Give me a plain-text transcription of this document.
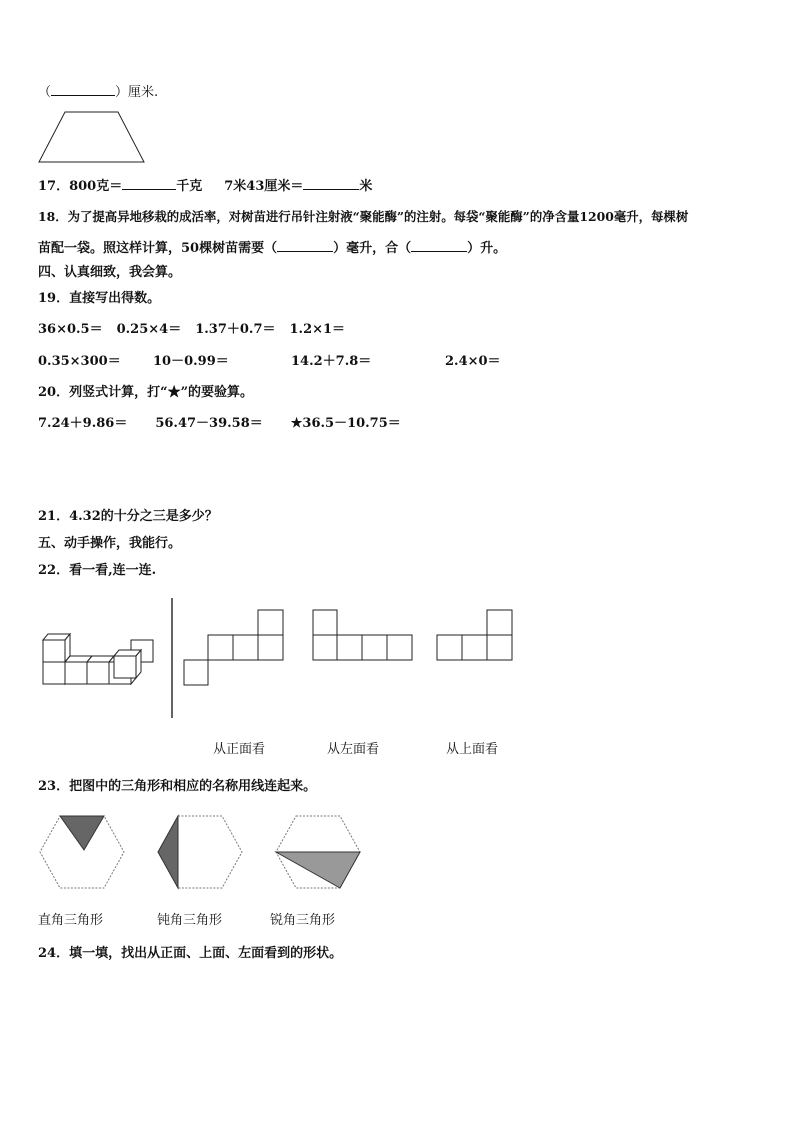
（	）厘米.
17．800克＝	千克 7米43厘米＝	米
18．为了提高异地移栽的成活率，对树苗进行吊针注射液“聚能酶”的注射。每袋“聚能酶”的净含量1200毫升，每棵树
苗配一袋。照这样计算，50棵树苗需要（	）毫升，合（	）升。
四、认真细致，我会算。
19．直接写出得数。
36×0.5＝ 0.25×4＝ 1.37＋0.7＝ 1.2×1＝
0.35×300＝ 10－0.99＝	14.2＋7.8＝	2.4×0＝
20．列竖式计算，打“★”的要验算。
7.24＋9.86＝ 56.47－39.58＝ ★36.5－10.75＝
21．4.32的十分之三是多少？
五、动手操作，我能行。
22．看一看,连一连.
从正面看	从左面看	从上面看
23．把图中的三角形和相应的名称用线连起来。
直角三角形	钝角三角形	锐角三角形
24．填一填，找出从正面、上面、左面看到的形状。
